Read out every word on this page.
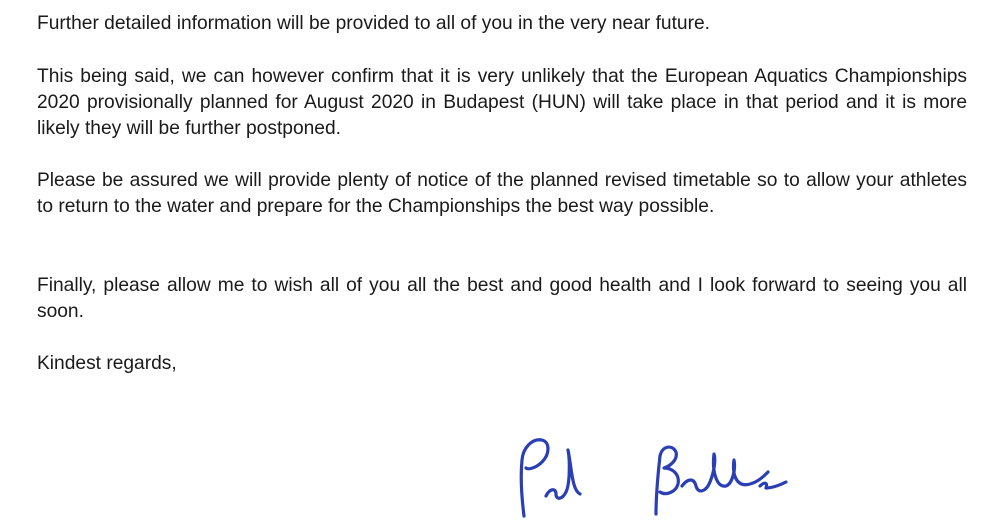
Further detailed information will be provided to all of you in the very near future.

This being said, we can however confirm that it is very unlikely that the European Aquatics Championships 2020 provisionally planned for August 2020 in Budapest (HUN) will take place in that period and it is more likely they will be further postponed.

Please be assured we will provide plenty of notice of the planned revised timetable so to allow your athletes to return to the water and prepare for the Championships the best way possible.

Finally, please allow me to wish all of you all the best and good health and I look forward to seeing you all soon.

Kindest regards,
